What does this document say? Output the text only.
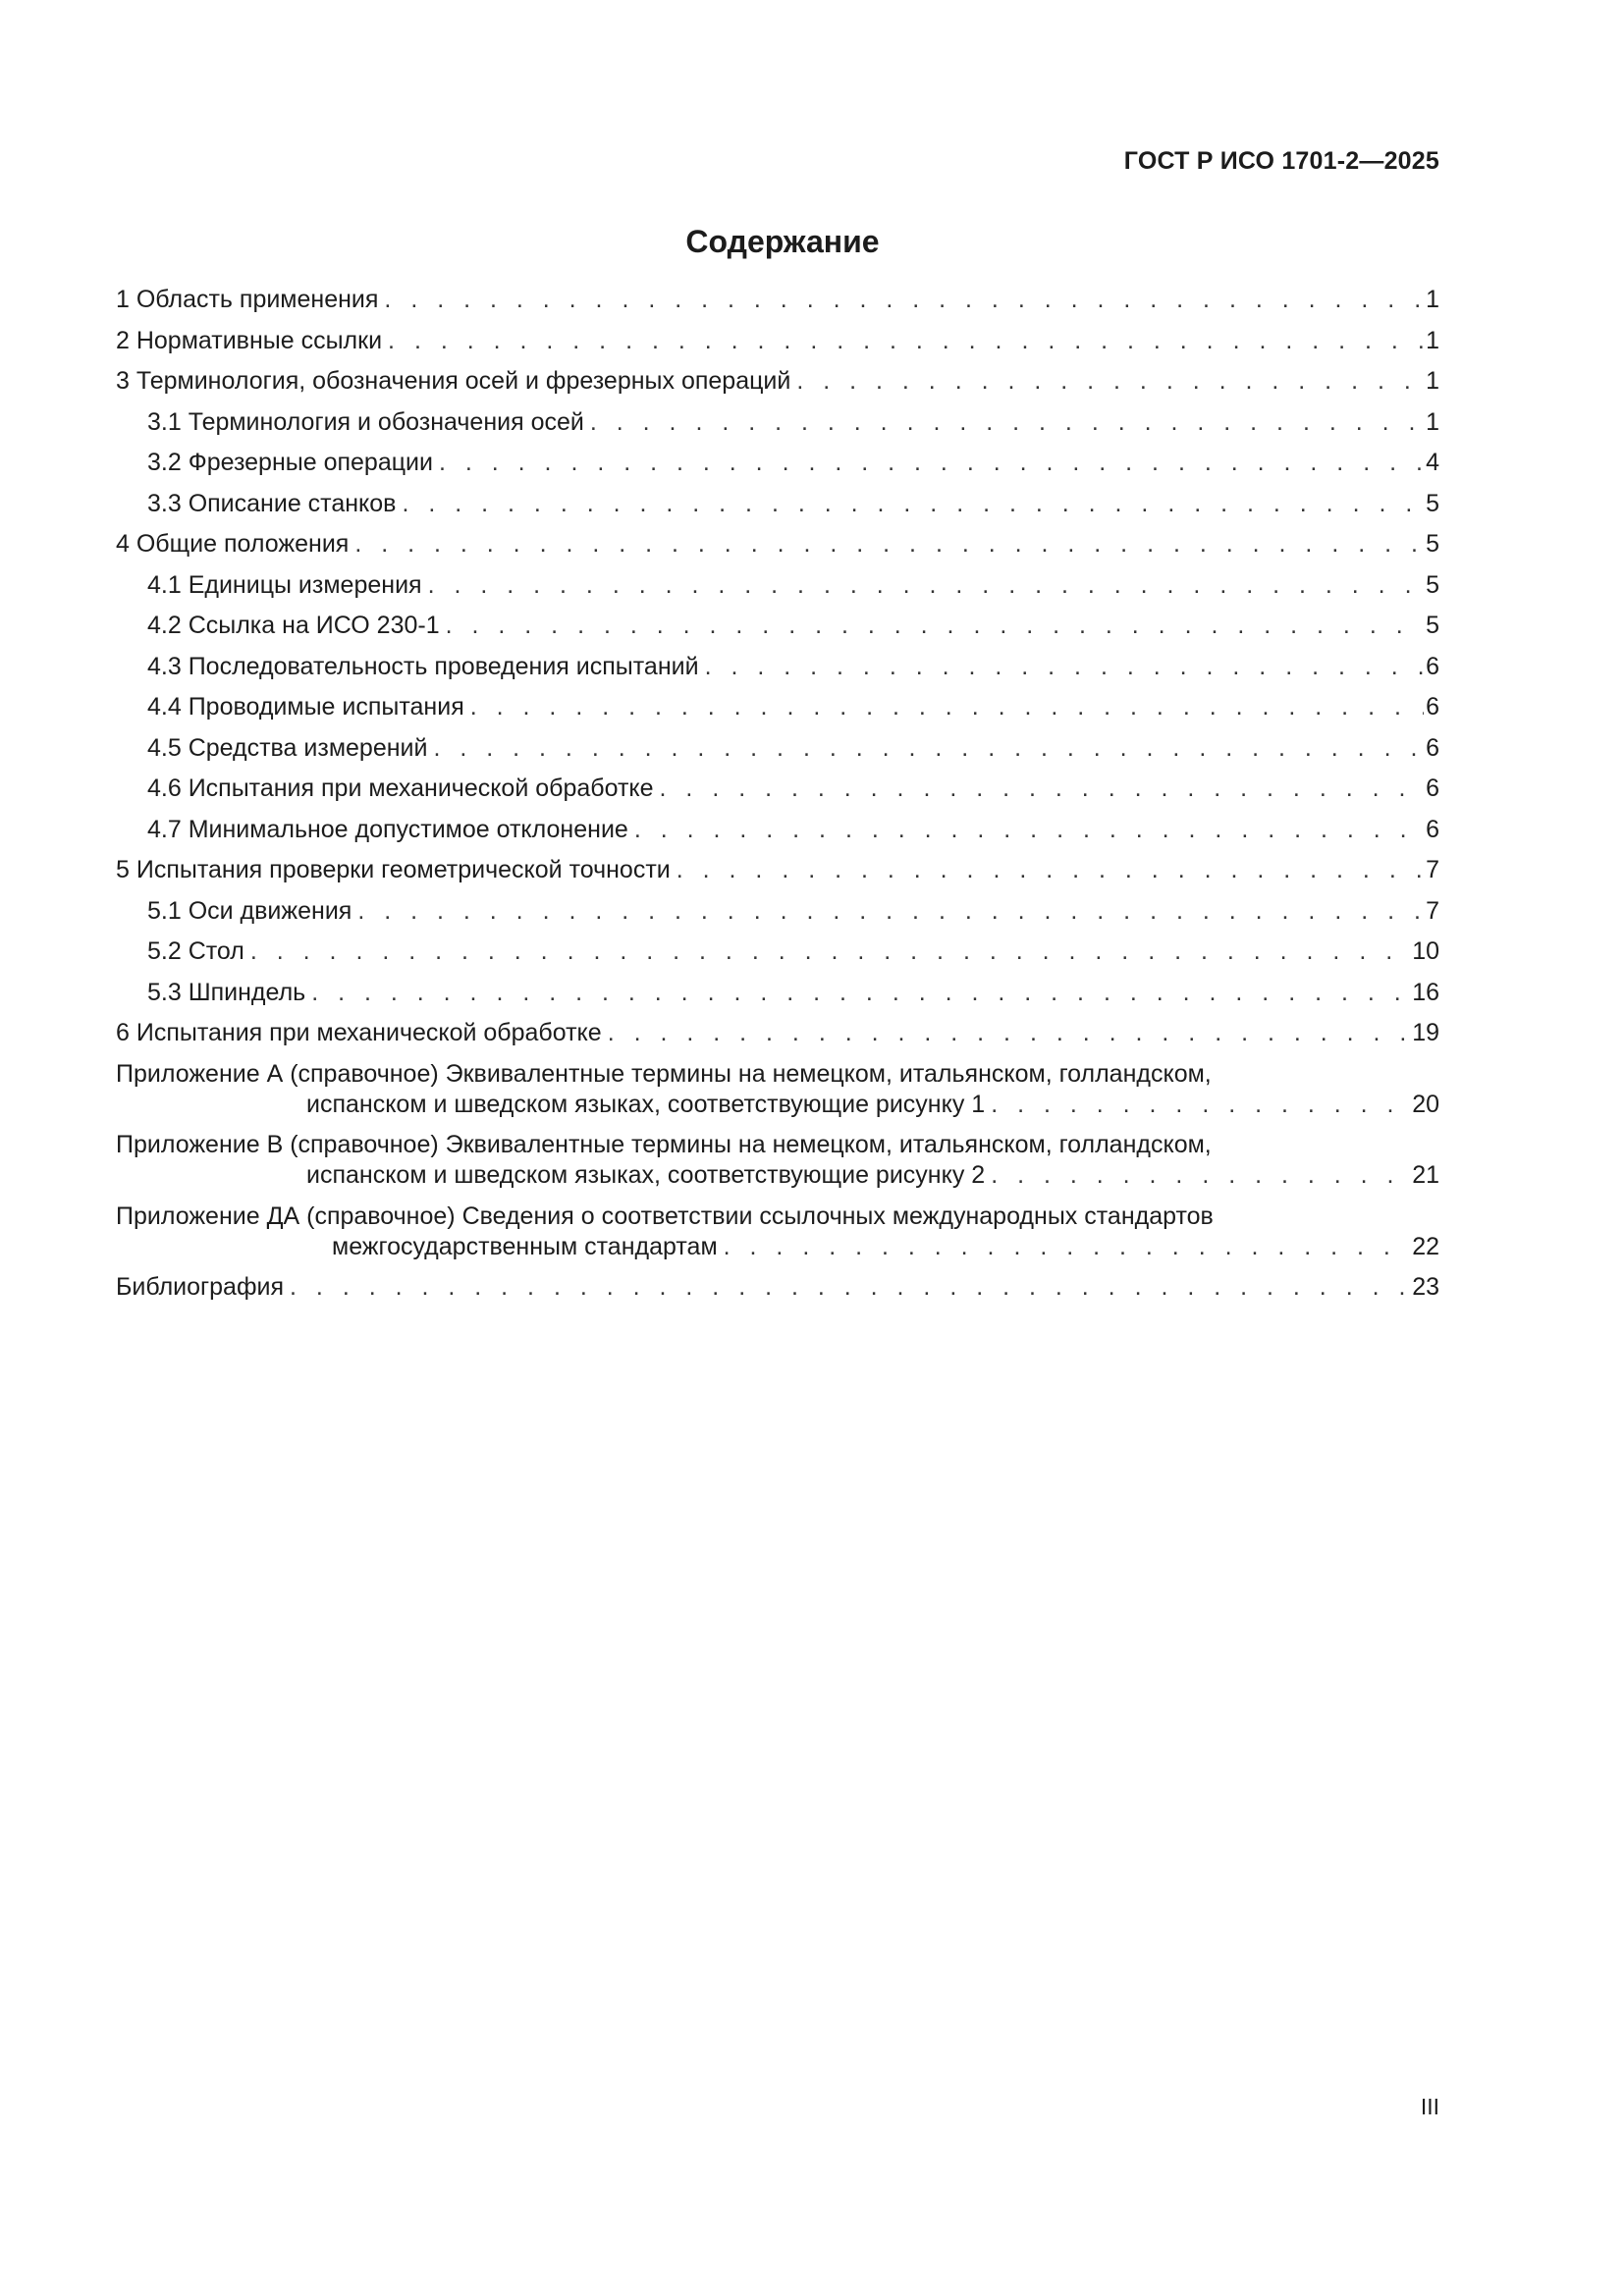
ГОСТ Р ИСО 1701-2—2025
Содержание
1 Область применения . . .	1
2 Нормативные ссылки . . .	1
3 Терминология, обозначения осей и фрезерных операций . . .	1
3.1 Терминология и обозначения осей . . .	1
3.2 Фрезерные операции . . .	4
3.3 Описание станков . . .	5
4 Общие положения . . .	5
4.1 Единицы измерения . . .	5
4.2 Ссылка на ИСО 230-1 . . .	5
4.3 Последовательность проведения испытаний . . .	6
4.4 Проводимые испытания . . .	6
4.5 Средства измерений . . .	6
4.6 Испытания при механической обработке . . .	6
4.7 Минимальное допустимое отклонение . . .	6
5 Испытания проверки геометрической точности . . .	7
5.1 Оси движения . . .	7
5.2 Стол . . .	10
5.3 Шпиндель . . .	16
6 Испытания при механической обработке . . .	19
Приложение А (справочное) Эквивалентные термины на немецком, итальянском, голландском,
испанском и шведском языках, соответствующие рисунку 1 . . .	20
Приложение В (справочное) Эквивалентные термины на немецком, итальянском, голландском,
испанском и шведском языках, соответствующие рисунку 2 . . .	21
Приложение ДА (справочное) Сведения о соответствии ссылочных международных стандартов
межгосударственным стандартам . . .	22
Библиография . . .	23
III
